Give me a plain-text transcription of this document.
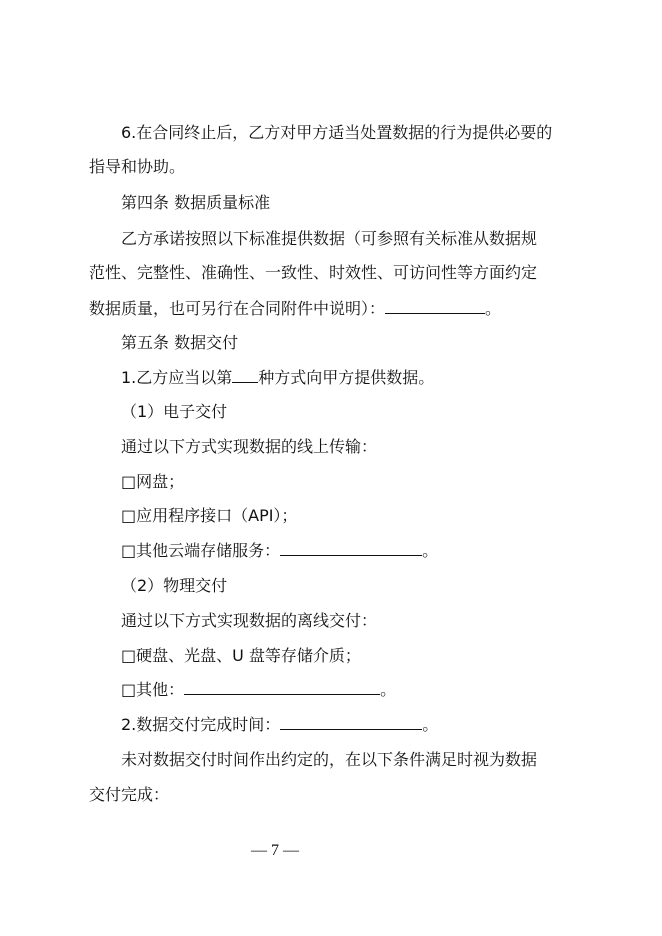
6.在合同终止后，乙方对甲方适当处置数据的行为提供必要的
指导和协助。
第四条 数据质量标准
乙方承诺按照以下标准提供数据（可参照有关标准从数据规
范性、完整性、准确性、一致性、时效性、可访问性等方面约定
数据质量，也可另行在合同附件中说明）：	。
第五条 数据交付
1.乙方应当以第 种方式向甲方提供数据。
（1）电子交付
通过以下方式实现数据的线上传输：
□网盘；
□应用程序接口（API）；
□其他云端存储服务：	。
（2）物理交付
通过以下方式实现数据的离线交付：
□硬盘、光盘、U 盘等存储介质；
□其他：	。
2.数据交付完成时间：	。
未对数据交付时间作出约定的，在以下条件满足时视为数据
交付完成：
— 7 —
